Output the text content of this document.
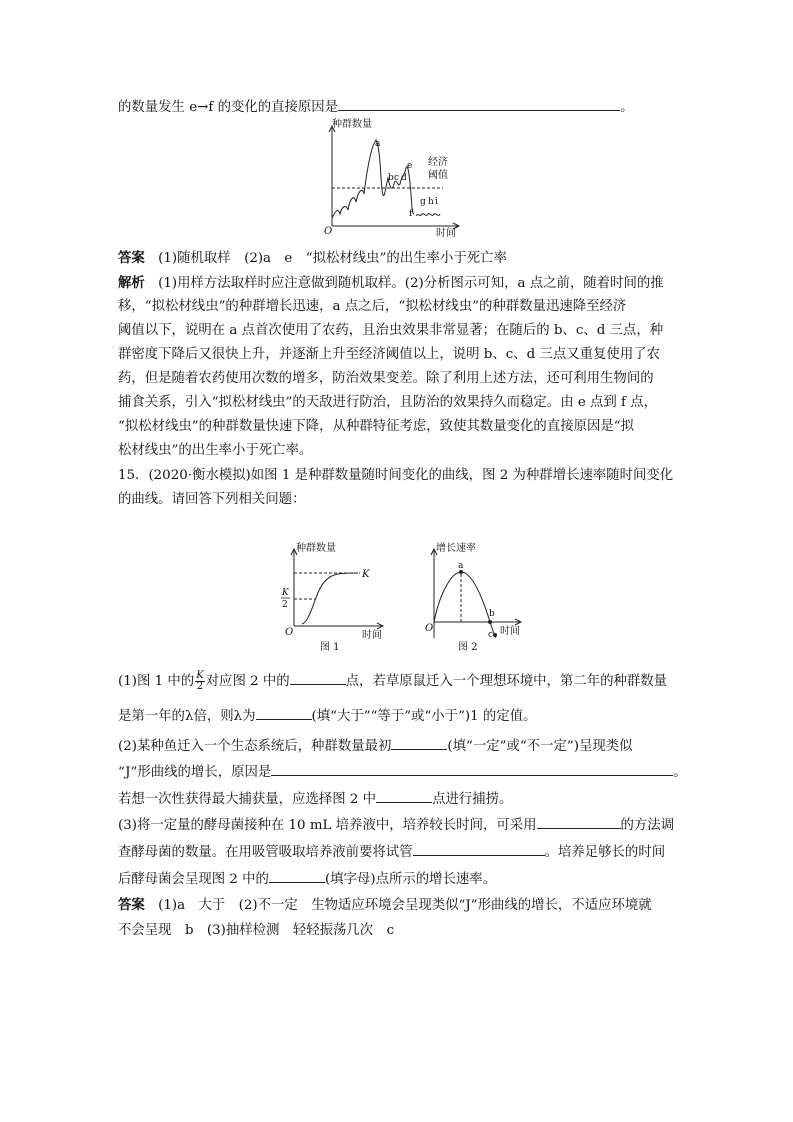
的数量发生 e→f 的变化的直接原因是	。
种群数量
时间
O
经济
阈值
a
b c d
e
f
g h i
答案　 (1)随机取样　(2)a　e　“拟松材线虫”的出生率小于死亡率
解析　 (1)用样方法取样时应注意做到随机取样。(2)分析图示可知，a 点之前，随着时间的推
移，“拟松材线虫”的种群增长迅速，a 点之后，“拟松材线虫”的种群数量迅速降至经济
阈值以下，说明在 a 点首次使用了农药，且治虫效果非常显著；在随后的 b、c、d 三点，种
群密度下降后又很快上升，并逐渐上升至经济阈值以上，说明 b、c、d 三点又重复使用了农
药，但是随着农药使用次数的增多，防治效果变差。除了利用上述方法，还可利用生物间的
捕食关系，引入“拟松材线虫”的天敌进行防治，且防治的效果持久而稳定。由 e 点到 f 点，
“拟松材线虫”的种群数量快速下降，从种群特征考虑，致使其数量变化的直接原因是“拟
松材线虫”的出生率小于死亡率。
15．(2020·衡水模拟)如图 1 是种群数量随时间变化的曲线，图 2 为种群增长速率随时间变化
的曲线。请回答下列相关问题：
种群数量
时间
O
K
K
2
图 1
增长速率
时间
O
a
b
c
图 2
(1)图 1 中的 $\frac{K}{2}$ 对应图 2 中的	点，若草原鼠迁入一个理想环境中，第二年的种群数量
是第一年的λ倍，则λ为	(填“大于”“等于”或“小于”)1 的定值。
(2)某种鱼迁入一个生态系统后，种群数量最初	(填“一定”或“不一定”)呈现类似
“J”形曲线的增长，原因是	。
若想一次性获得最大捕获量，应选择图 2 中	点进行捕捞。
(3)将一定量的酵母菌接种在 10 mL 培养液中，培养较长时间，可采用	的方法调
查酵母菌的数量。在用吸管吸取培养液前要将试管	。培养足够长的时间
后酵母菌会呈现图 2 中的	(填字母)点所示的增长速率。
答案　 (1)a　大于　(2)不一定　生物适应环境会呈现类似“J”形曲线的增长，不适应环境就
不会呈现　b　(3)抽样检测　轻轻振荡几次　c
